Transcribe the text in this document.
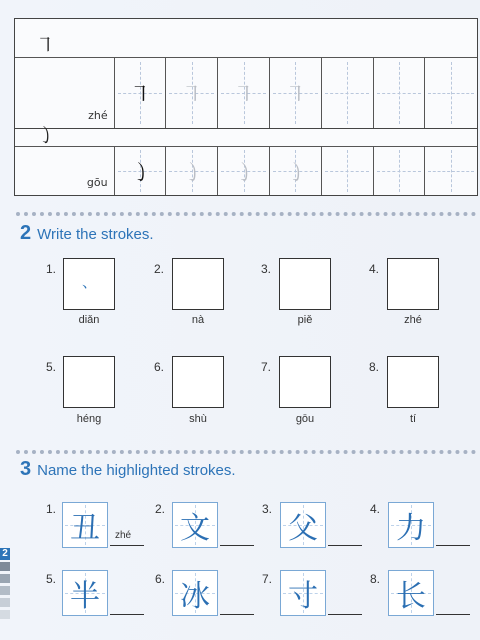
㇕
zhé
㇕ ㇕ ㇕ ㇕
㇁
gōu ㇁ ㇁ ㇁ ㇁
2 Write the strokes.
1.
、
diǎn
2.
nà
3.
piě
4.
zhé
5.
héng
6.
shù
7.
gōu
8.
tí
3 Name the highlighted strokes.
1.
丑 zhé
2.
文
3.
父
4.
力
5. 半	6. 冰	7. 寸	8. 长
2
